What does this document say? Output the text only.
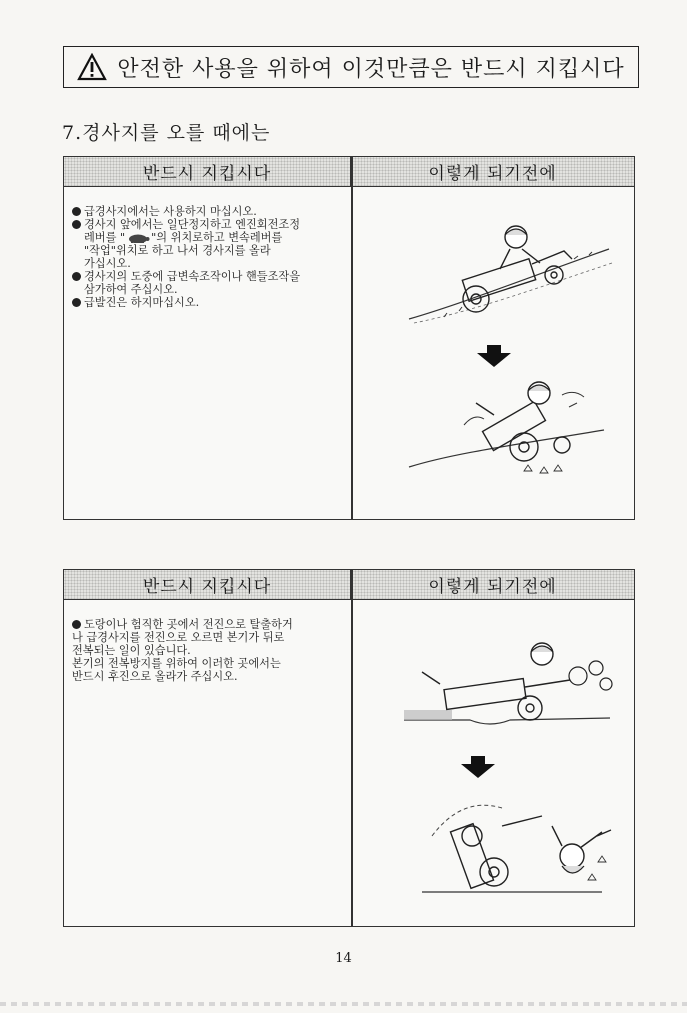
안전한 사용을 위하여 이것만큼은 반드시 지킵시다
7.경사지를 오를 때에는
반드시 지킵시다	이렇게 되기전에

급경사지에서는 사용하지 마십시오.

경사지 앞에서는 일단정지하고 엔진회전조정

레버를 " "의 위치로하고 변속레버를

"작업"위치로 하고 나서 경사지를 올라

가십시오.

경사지의 도중에 급변속조작이나 핸들조작을

삼가하여 주십시오.

급발진은 하지마십시오.

반드시 지킵시다	이렇게 되기전에

도랑이나 험직한 곳에서 전진으로 탈출하거

나 급경사지를 전진으로 오르면 본기가 뒤로

전복되는 일이 있습니다.

본기의 전복방지를 위하여 이러한 곳에서는

반드시 후진으로 올라가 주십시오.

14
